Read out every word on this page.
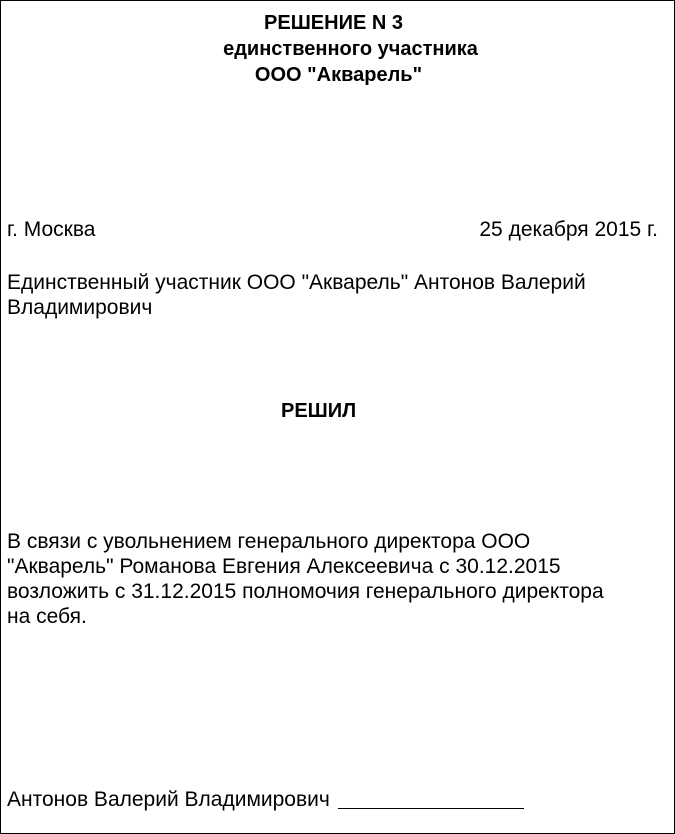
РЕШЕНИЕ N 3

единственного участника

ООО "Акварель"

г. Москва	25 декабря 2015 г.

Единственный участник ООО "Акварель" Антонов Валерий
Владимирович

РЕШИЛ

В связи с увольнением генерального директора ООО
"Акварель" Романова Евгения Алексеевича с 30.12.2015
возложить с 31.12.2015 полномочия генерального директора
на себя.

Антонов Валерий Владимирович
